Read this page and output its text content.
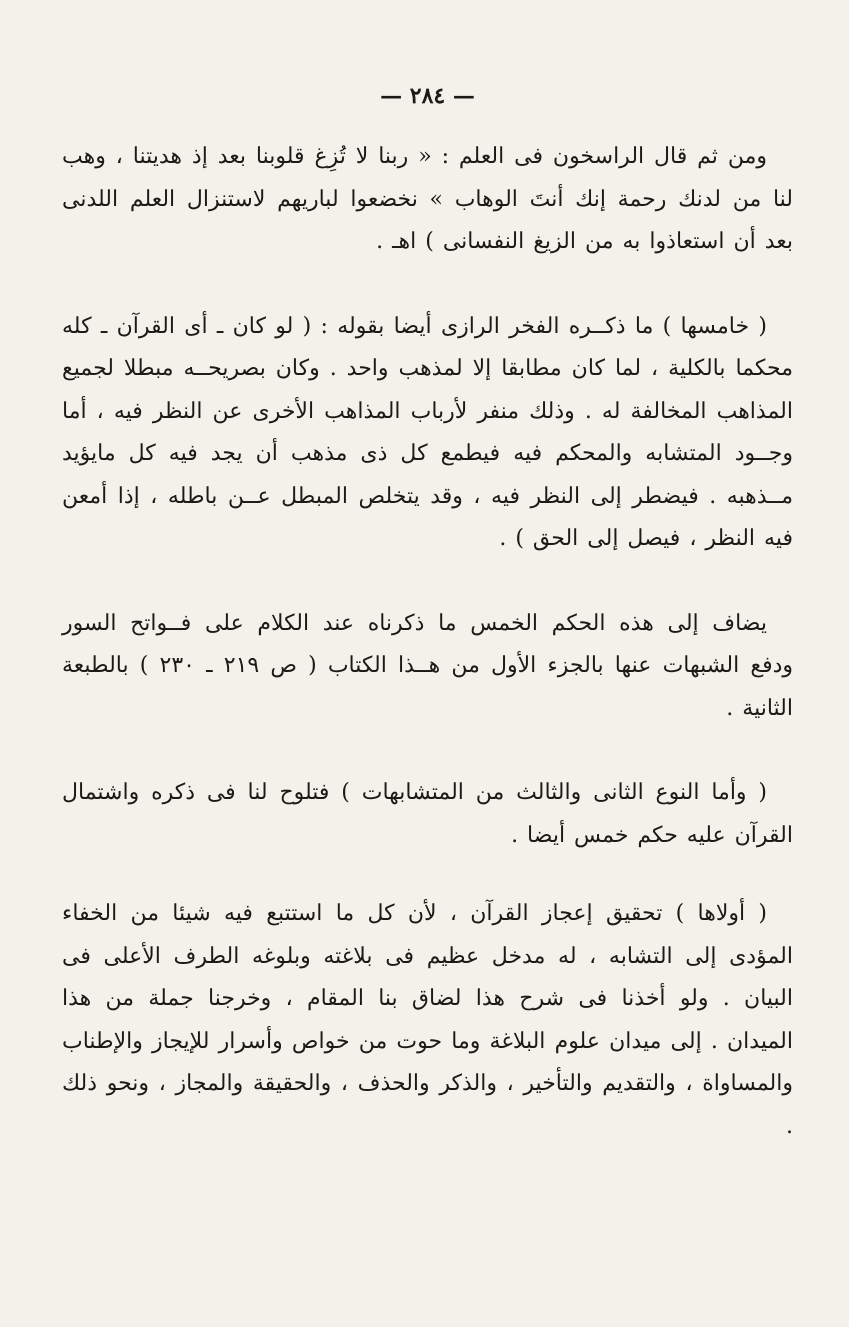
— ٢٨٤ —

ومن ثم قال الراسخون فى العلم : « ربنا لا تُزِغ قلوبنا بعد إذ هديتنا ، وهب لنا من لدنك رحمة إنك أنتَ الوهاب » نخضعوا لباريهم لاستنزال العلم اللدنى بعد أن استعاذوا به من الزيغ النفسانى ) اهـ .

( خامسها ) ما ذكــره الفخر الرازى أيضا بقوله : ( لو كان ـ أى القرآن ـ كله محكما بالكلية ، لما كان مطابقا إلا لمذهب واحد . وكان بصريحــه مبطلا لجميع المذاهب المخالفة له . وذلك منفر لأرباب المذاهب الأخرى عن النظر فيه ، أما وجــود المتشابه والمحكم فيه فيطمع كل ذى مذهب أن يجد فيه كل مايؤيد مــذهبه . فيضطر إلى النظر فيه ، وقد يتخلص المبطل عــن باطله ، إذا أمعن فيه النظر ، فيصل إلى الحق ) .

يضاف إلى هذه الحكم الخمس ما ذكرناه عند الكلام على فــواتح السور ودفع الشبهات عنها بالجزء الأول من هــذا الكتاب ( ص ٢١٩ ـ ٢٣٠ ) بالطبعة الثانية .

( وأما النوع الثانى والثالث من المتشابهات ) فتلوح لنا فى ذكره واشتمال القرآن عليه حكم خمس أيضا .

( أولاها ) تحقيق إعجاز القرآن ، لأن كل ما استتبع فيه شيئا من الخفاء المؤدى إلى التشابه ، له مدخل عظيم فى بلاغته وبلوغه الطرف الأعلى فى البيان . ولو أخذنا فى شرح هذا لضاق بنا المقام ، وخرجنا جملة من هذا الميدان . إلى ميدان علوم البلاغة وما حوت من خواص وأسرار للإيجاز والإطناب والمساواة ، والتقديم والتأخير ، والذكر والحذف ، والحقيقة والمجاز ، ونحو ذلك .
